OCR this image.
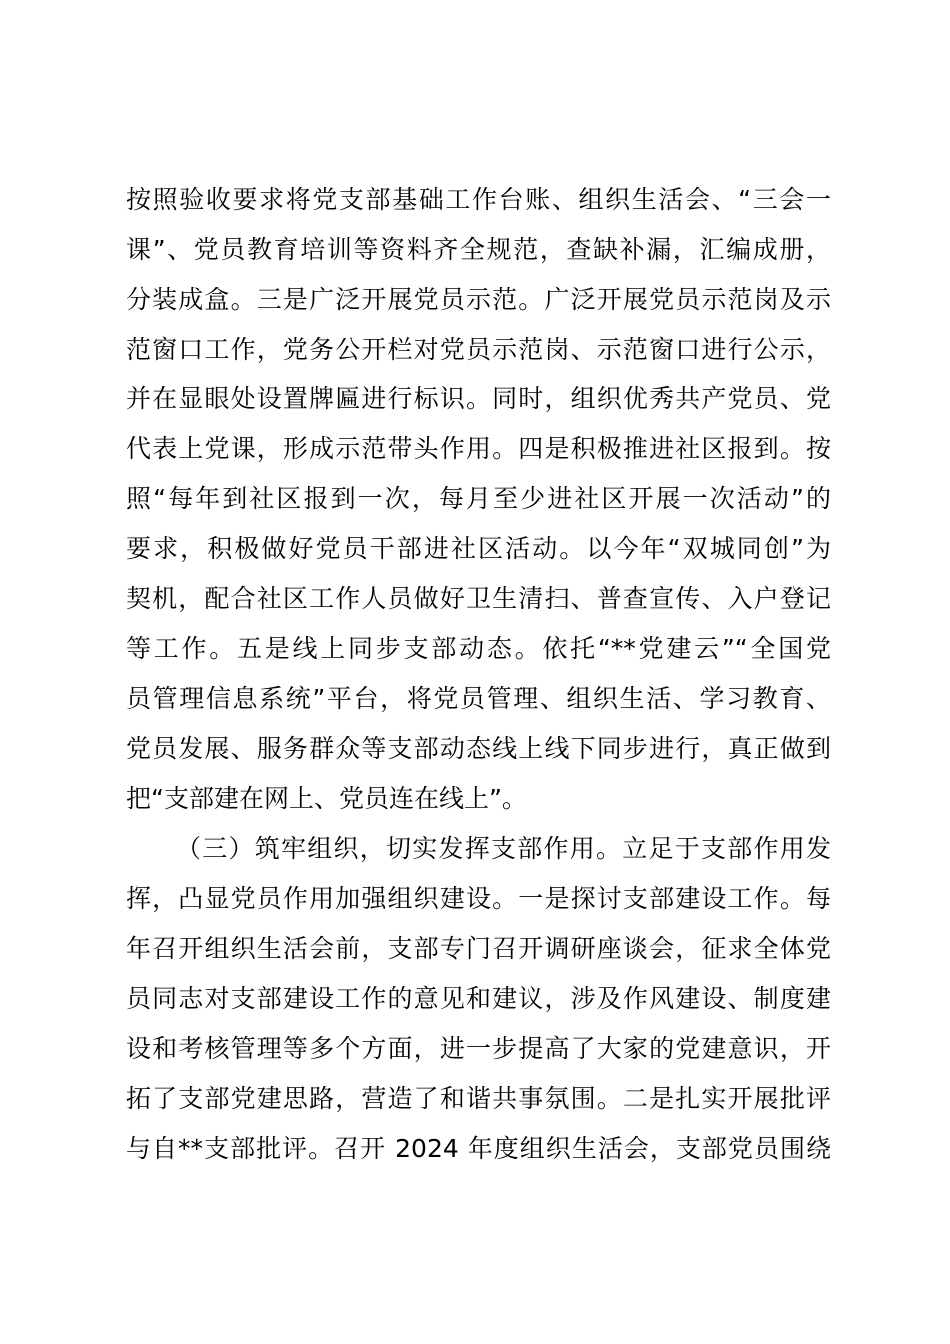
按照验收要求将党支部基础工作台账、组织生活会、“三会一
课”、党员教育培训等资料齐全规范，查缺补漏，汇编成册，
分装成盒。三是广泛开展党员示范。广泛开展党员示范岗及示
范窗口工作，党务公开栏对党员示范岗、示范窗口进行公示，
并在显眼处设置牌匾进行标识。同时，组织优秀共产党员、党
代表上党课，形成示范带头作用。四是积极推进社区报到。按
照“每年到社区报到一次，每月至少进社区开展一次活动”的
要求，积极做好党员干部进社区活动。以今年“双城同创”为
契机，配合社区工作人员做好卫生清扫、普查宣传、入户登记
等工作。五是线上同步支部动态。依托“**党建云”“全国党
员管理信息系统”平台，将党员管理、组织生活、学习教育、
党员发展、服务群众等支部动态线上线下同步进行，真正做到
把“支部建在网上、党员连在线上”。
（三）筑牢组织，切实发挥支部作用。立足于支部作用发
挥，凸显党员作用加强组织建设。一是探讨支部建设工作。每
年召开组织生活会前，支部专门召开调研座谈会，征求全体党
员同志对支部建设工作的意见和建议，涉及作风建设、制度建
设和考核管理等多个方面，进一步提高了大家的党建意识，开
拓了支部党建思路，营造了和谐共事氛围。二是扎实开展批评
与自**支部批评。召开 2024 年度组织生活会，支部党员围绕
